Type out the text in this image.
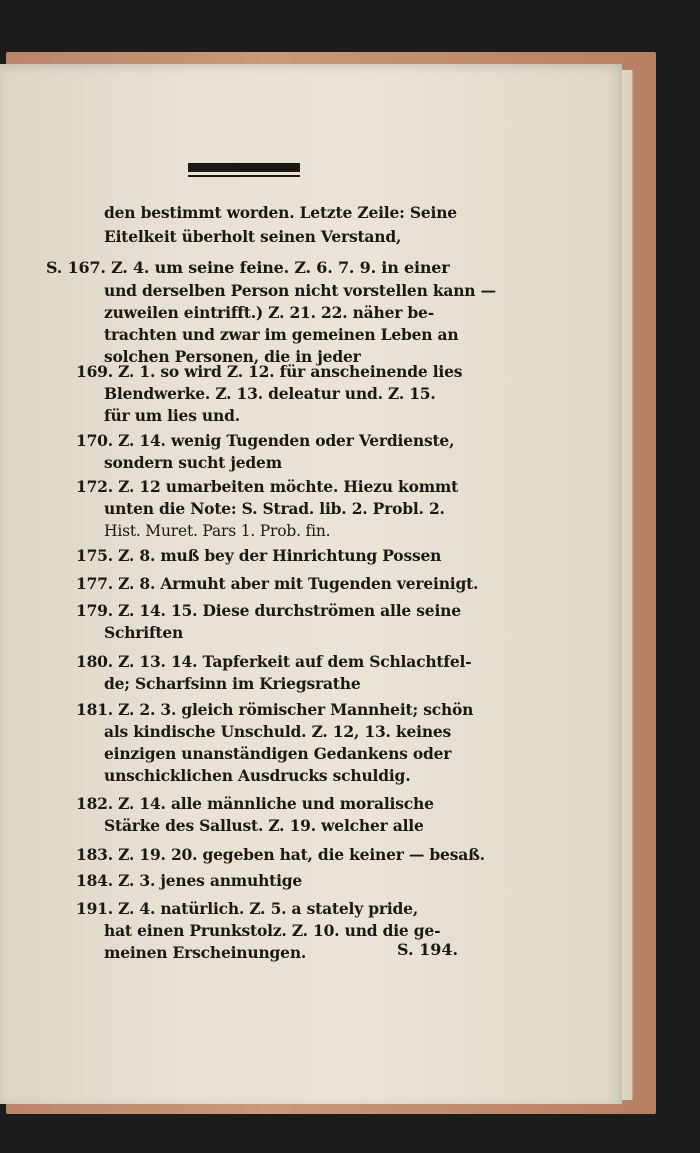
den bestimmt worden. Letzte Zeile: Seine
Eitelkeit überholt seinen Verstand,
S. 167. Z. 4. um seine feine. Z. 6. 7. 9. in einer
und derselben Person nicht vorstellen kann —
zuweilen eintrifft.) Z. 21. 22. näher be-
trachten und zwar im gemeinen Leben an
solchen Personen, die in jeder
169. Z. 1. so wird Z. 12. für anscheinende lies
Blendwerke. Z. 13. deleatur und. Z. 15.
für um lies und.
170. Z. 14. wenig Tugenden oder Verdienste,
sondern sucht jedem
172. Z. 12 umarbeiten möchte. Hiezu kommt
unten die Note: S. Strad. lib. 2. Probl. 2.
Hist. Muret. Pars 1. Prob. fin.
175. Z. 8. muß bey der Hinrichtung Possen
177. Z. 8. Armuht aber mit Tugenden vereinigt.
179. Z. 14. 15. Diese durchströmen alle seine
Schriften
180. Z. 13. 14. Tapferkeit auf dem Schlachtfel-
de; Scharfsinn im Kriegsrathe
181. Z. 2. 3. gleich römischer Mannheit; schön
als kindische Unschuld. Z. 12, 13. keines
einzigen unanständigen Gedankens oder
unschicklichen Ausdrucks schuldig.
182. Z. 14. alle männliche und moralische
Stärke des Sallust. Z. 19. welcher alle
183. Z. 19. 20. gegeben hat, die keiner — besaß.
184. Z. 3. jenes anmuhtige
191. Z. 4. natürlich. Z. 5. a stately pride,
hat einen Prunkstolz. Z. 10. und die ge-
meinen Erscheinungen.	S. 194.
